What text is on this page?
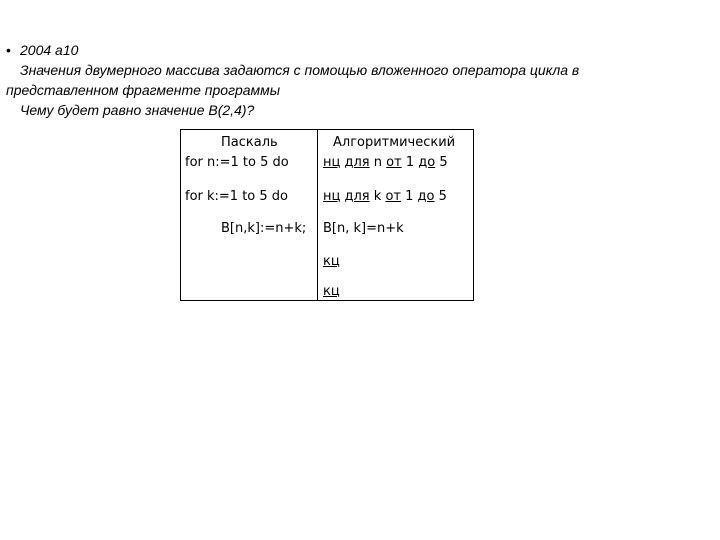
• 2004 а10
Значения двумерного массива задаются с помощью вложенного оператора цикла в
представленном фрагменте программы
Чему будет равно значение B(2,4)?
Паскаль	Алгоритмический
for n:=1 to 5 do
for k:=1 to 5 do
B[n,k]:=n+k;
нц для n от 1 до 5
нц для k от 1 до 5
B[n, k]=n+k
кц
кц
